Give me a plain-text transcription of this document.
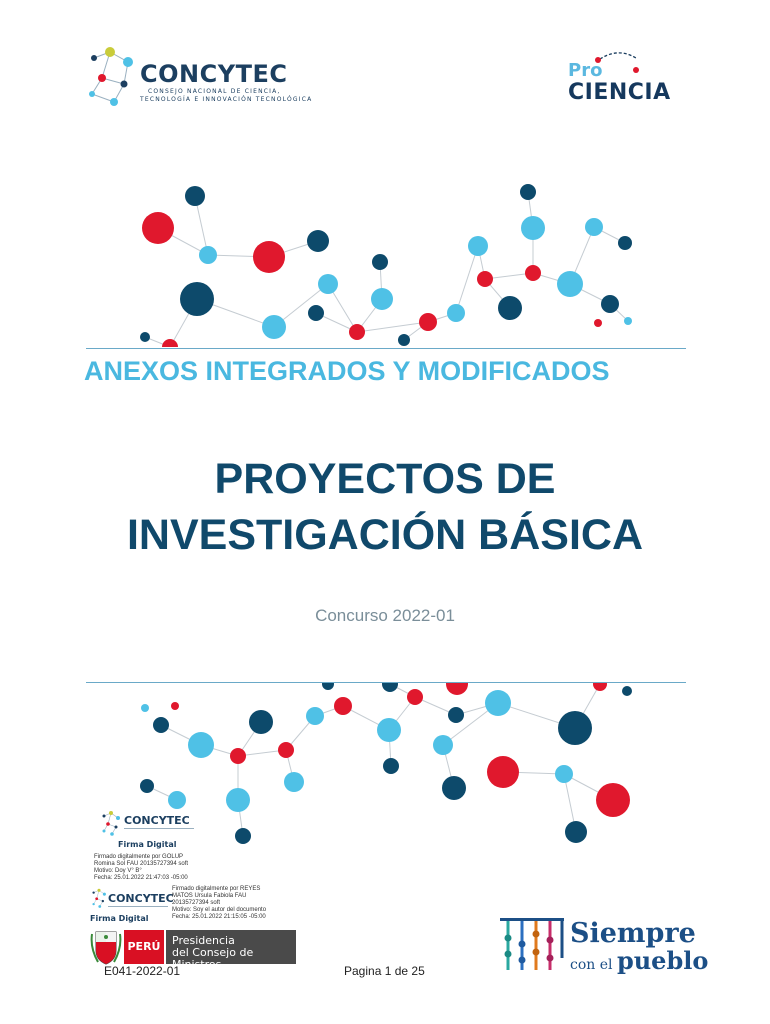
CONCYTEC
CONSEJO NACIONAL DE CIENCIA,
TECNOLOGÍA E INNOVACIÓN TECNOLÓGICA
Pro
CIENCIA
ANEXOS INTEGRADOS Y MODIFICADOS
PROYECTOS DE
INVESTIGACIÓN BÁSICA
Concurso 2022-01
CONCYTEC
Firma Digital
Firmado digitalmente por GOLUP
Romina Sol FAU 20135727394 soft
Motivo: Doy V° B°
Fecha: 25.01.2022 21:47:03 -05:00
CONCYTEC
Firma Digital
Firmado digitalmente por REYES
MATOS Ursula Fabiola FAU
20135727394 soft
Motivo: Soy el autor del documento
Fecha: 25.01.2022 21:15:05 -05:00
PERÚ	Presidencia
del Consejo de Ministros
Siempre
con el pueblo
E041-2022-01	Pagina 1 de 25
